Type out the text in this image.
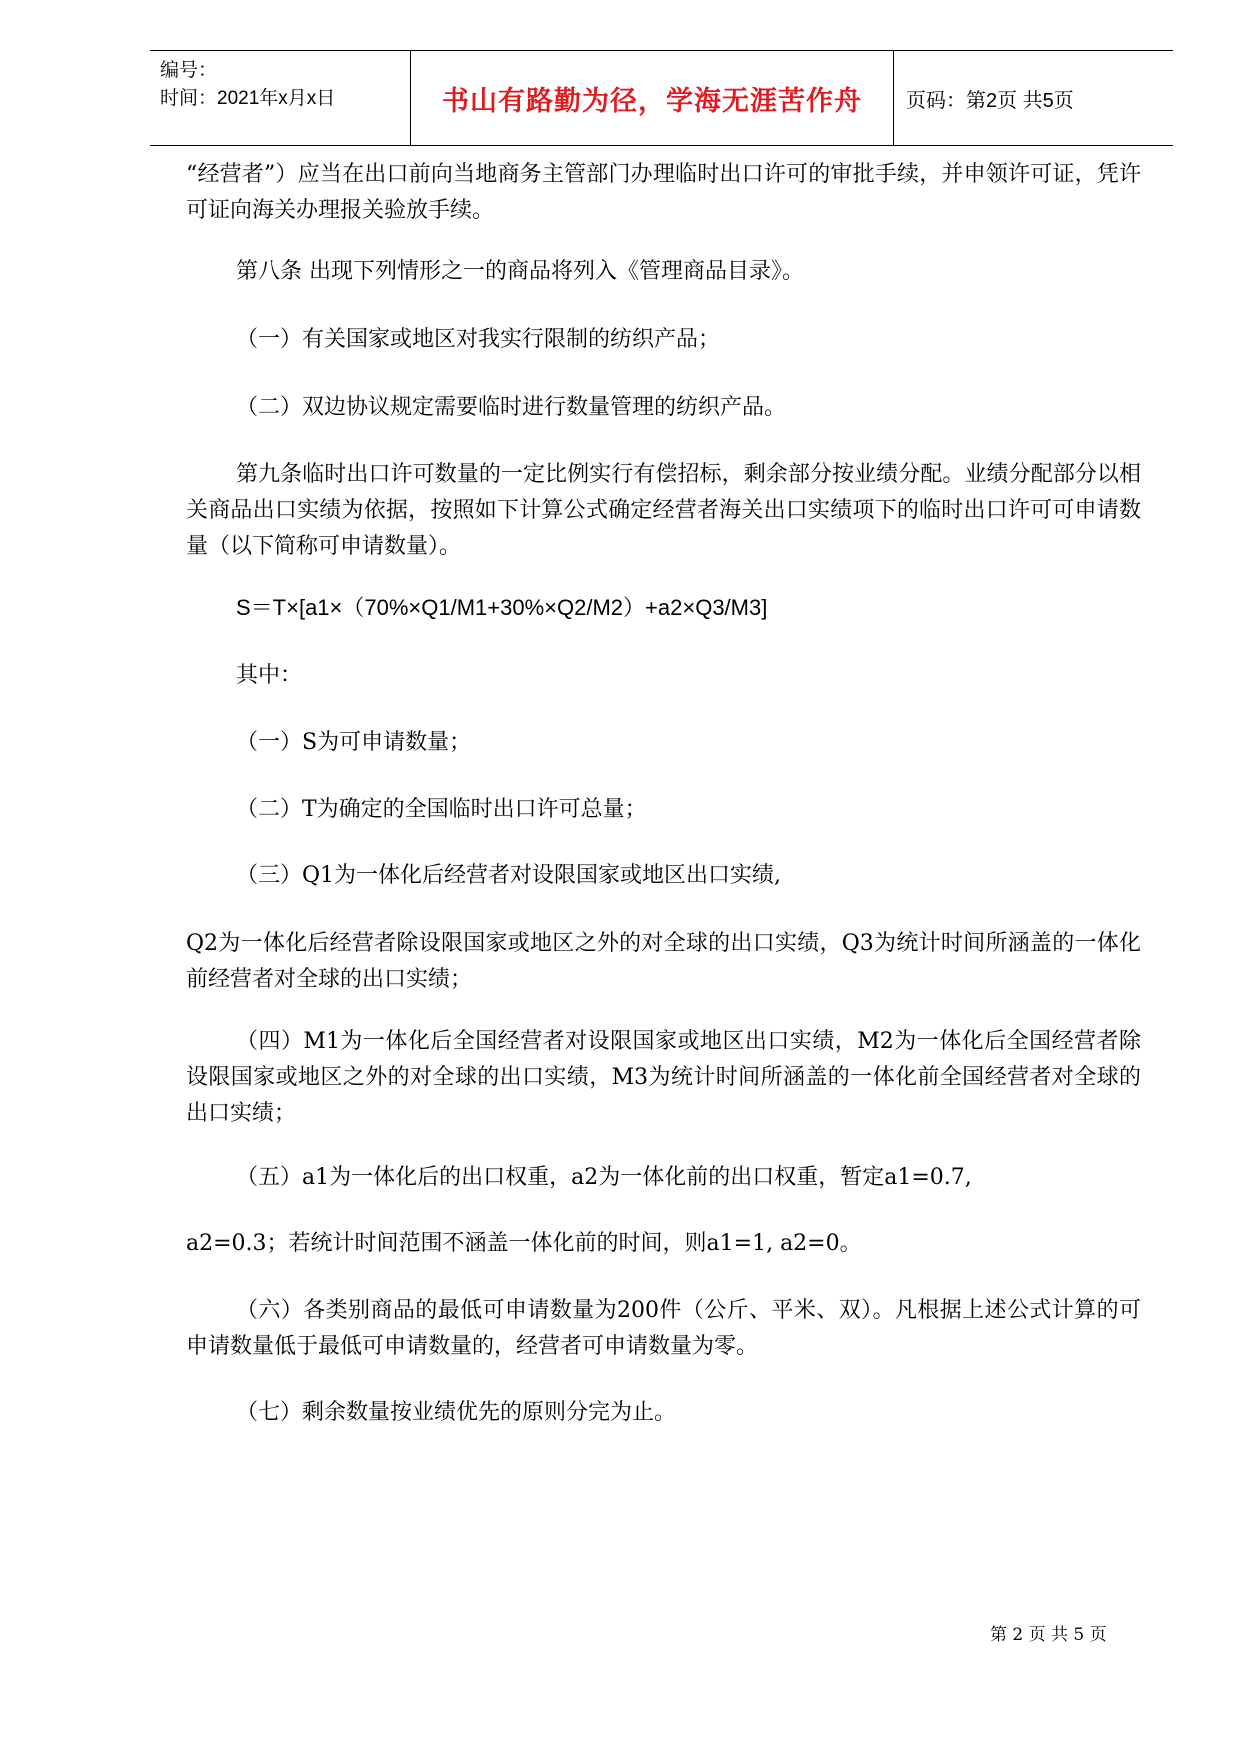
编号：
时间：2021年x月x日	书山有路勤为径，学海无涯苦作舟	页码：第2页 共5页

“经营者”）应当在出口前向当地商务主管部门办理临时出口许可的审批手续，并申领许可证，凭许可证向海关办理报关验放手续。

第八条 出现下列情形之一的商品将列入《管理商品目录》。

（一）有关国家或地区对我实行限制的纺织产品；

（二）双边协议规定需要临时进行数量管理的纺织产品。

第九条临时出口许可数量的一定比例实行有偿招标，剩余部分按业绩分配。业绩分配部分以相关商品出口实绩为依据，按照如下计算公式确定经营者海关出口实绩项下的临时出口许可可申请数量（以下简称可申请数量）。

S＝T×[a1×（70%×Q1/M1+30%×Q2/M2）+a2×Q3/M3]

其中：

（一）S为可申请数量；

（二）T为确定的全国临时出口许可总量；

（三）Q1为一体化后经营者对设限国家或地区出口实绩,

Q2为一体化后经营者除设限国家或地区之外的对全球的出口实绩，Q3为统计时间所涵盖的一体化前经营者对全球的出口实绩；

（四）M1为一体化后全国经营者对设限国家或地区出口实绩，M2为一体化后全国经营者除设限国家或地区之外的对全球的出口实绩，M3为统计时间所涵盖的一体化前全国经营者对全球的出口实绩；

（五）a1为一体化后的出口权重，a2为一体化前的出口权重，暂定a1=0.7,

a2=0.3；若统计时间范围不涵盖一体化前的时间，则a1=1, a2=0。

（六）各类别商品的最低可申请数量为200件（公斤、平米、双）。凡根据上述公式计算的可申请数量低于最低可申请数量的，经营者可申请数量为零。

（七）剩余数量按业绩优先的原则分完为止。

第 2 页 共 5 页
